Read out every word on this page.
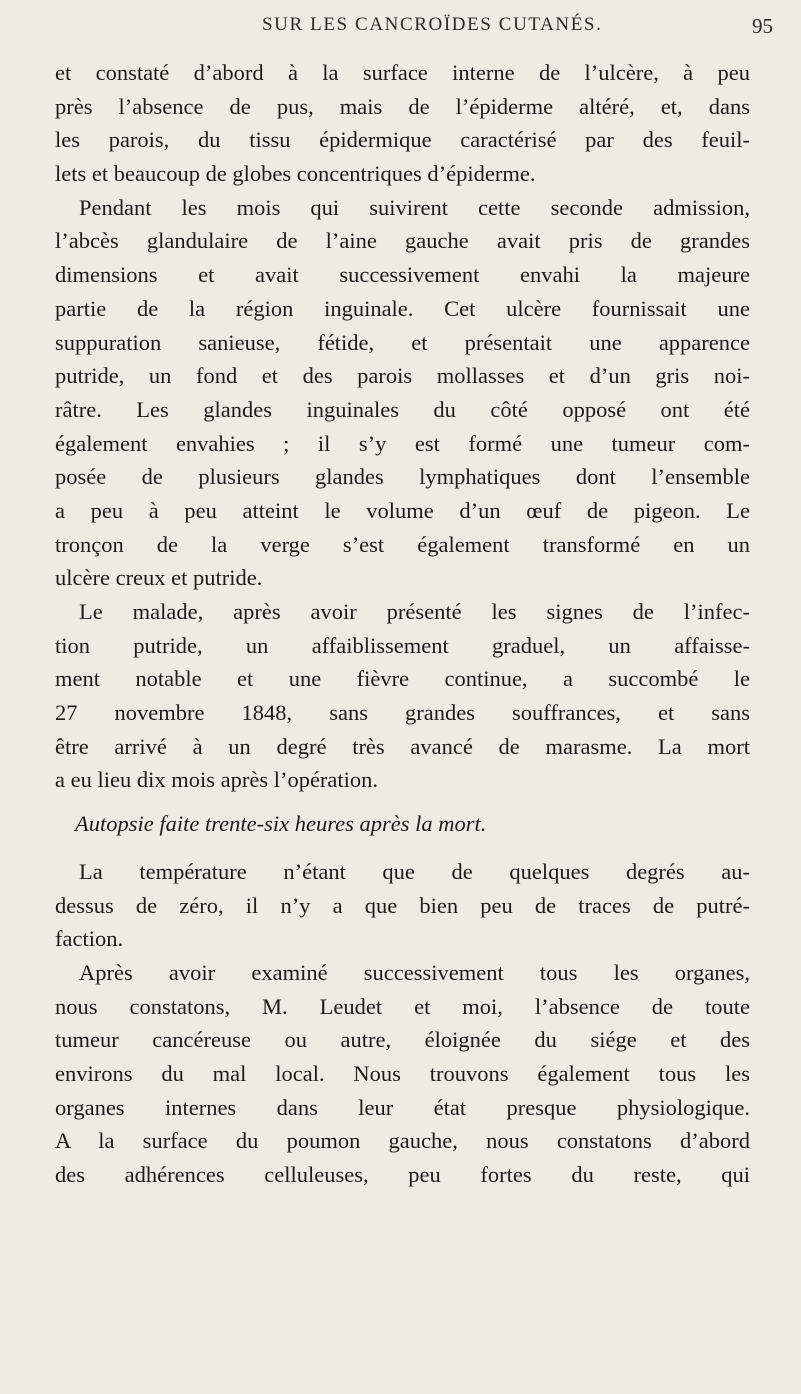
SUR LES CANCROÏDES CUTANÉS.	95
et constaté d’abord à la surface interne de l’ulcère, à peu
près l’absence de pus, mais de l’épiderme altéré, et, dans
les parois, du tissu épidermique caractérisé par des feuil-
lets et beaucoup de globes concentriques d’épiderme.
Pendant les mois qui suivirent cette seconde admission,
l’abcès glandulaire de l’aine gauche avait pris de grandes
dimensions et avait successivement envahi la majeure
partie de la région inguinale. Cet ulcère fournissait une
suppuration sanieuse, fétide, et présentait une apparence
putride, un fond et des parois mollasses et d’un gris noi-
râtre. Les glandes inguinales du côté opposé ont été
également envahies ; il s’y est formé une tumeur com-
posée de plusieurs glandes lymphatiques dont l’ensemble
a peu à peu atteint le volume d’un œuf de pigeon. Le
tronçon de la verge s’est également transformé en un
ulcère creux et putride.
Le malade, après avoir présenté les signes de l’infec-
tion putride, un affaiblissement graduel, un affaisse-
ment notable et une fièvre continue, a succombé le
27 novembre 1848, sans grandes souffrances, et sans
être arrivé à un degré très avancé de marasme. La mort
a eu lieu dix mois après l’opération.
Autopsie faite trente-six heures après la mort.
La température n’étant que de quelques degrés au-
dessus de zéro, il n’y a que bien peu de traces de putré-
faction.
Après avoir examiné successivement tous les organes,
nous constatons, M. Leudet et moi, l’absence de toute
tumeur cancéreuse ou autre, éloignée du siége et des
environs du mal local. Nous trouvons également tous les
organes internes dans leur état presque physiologique.
A la surface du poumon gauche, nous constatons d’abord
des adhérences celluleuses, peu fortes du reste, qui
